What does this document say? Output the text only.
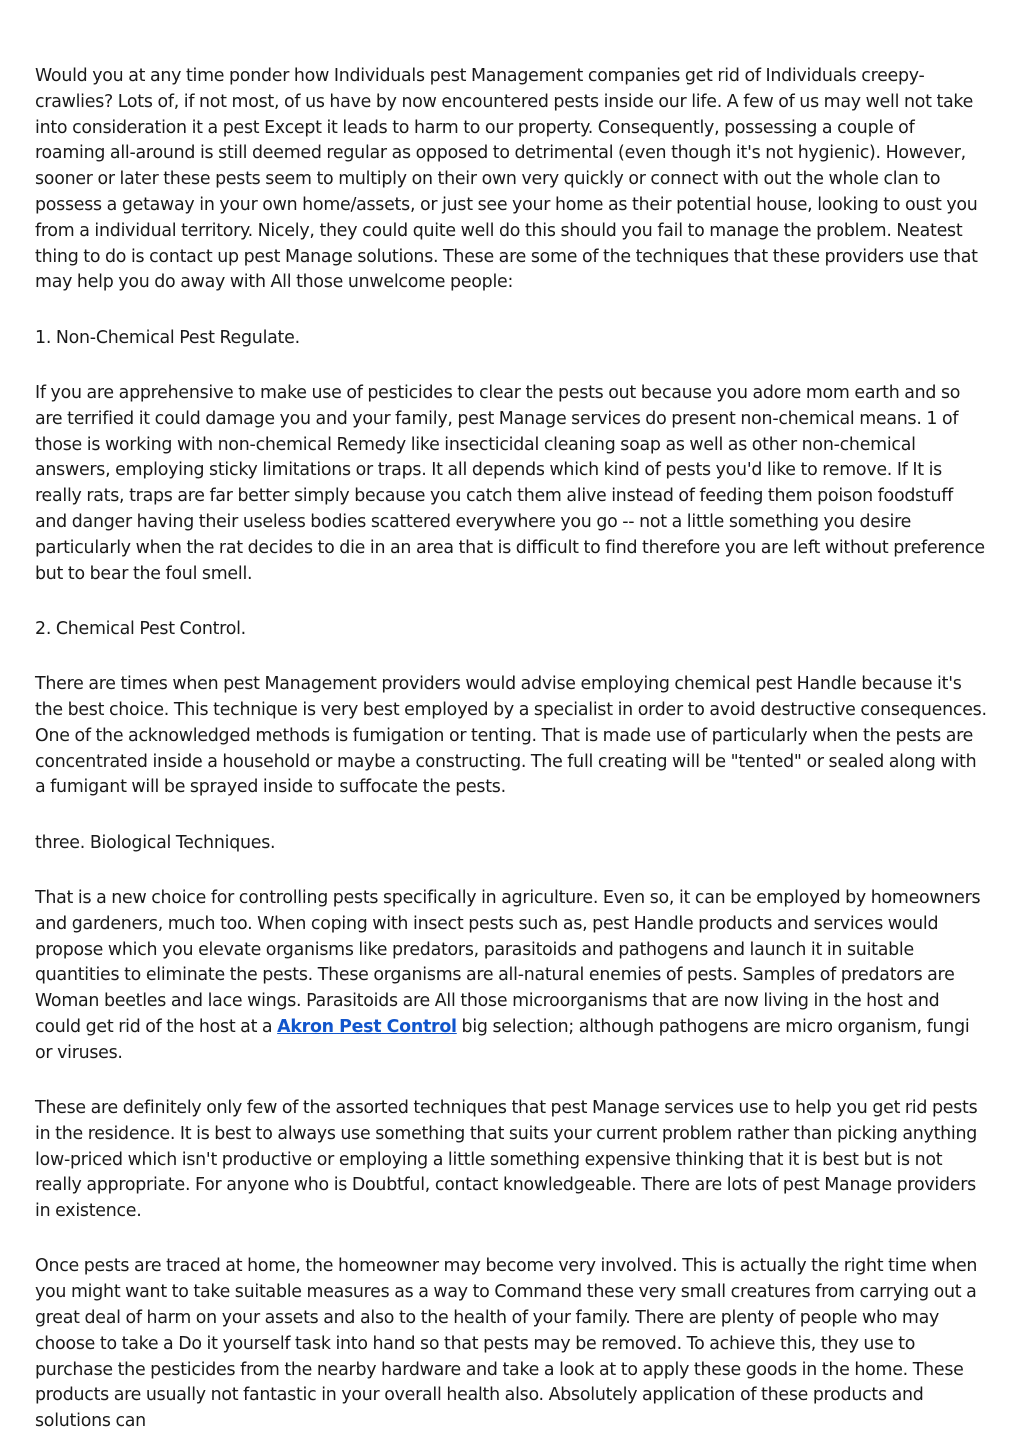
Would you at any time ponder how Individuals pest Management companies get rid of Individuals creepy-crawlies? Lots of, if not most, of us have by now encountered pests inside our life. A few of us may well not take into consideration it a pest Except it leads to harm to our property. Consequently, possessing a couple of roaming all-around is still deemed regular as opposed to detrimental (even though it's not hygienic). However, sooner or later these pests seem to multiply on their own very quickly or connect with out the whole clan to possess a getaway in your own home/assets, or just see your home as their potential house, looking to oust you from a individual territory. Nicely, they could quite well do this should you fail to manage the problem. Neatest thing to do is contact up pest Manage solutions. These are some of the techniques that these providers use that may help you do away with All those unwelcome people:

1. Non-Chemical Pest Regulate.

If you are apprehensive to make use of pesticides to clear the pests out because you adore mom earth and so are terrified it could damage you and your family, pest Manage services do present non-chemical means. 1 of those is working with non-chemical Remedy like insecticidal cleaning soap as well as other non-chemical answers, employing sticky limitations or traps. It all depends which kind of pests you'd like to remove. If It is really rats, traps are far better simply because you catch them alive instead of feeding them poison foodstuff and danger having their useless bodies scattered everywhere you go -- not a little something you desire particularly when the rat decides to die in an area that is difficult to find therefore you are left without preference but to bear the foul smell.

2. Chemical Pest Control.

There are times when pest Management providers would advise employing chemical pest Handle because it's the best choice. This technique is very best employed by a specialist in order to avoid destructive consequences. One of the acknowledged methods is fumigation or tenting. That is made use of particularly when the pests are concentrated inside a household or maybe a constructing. The full creating will be "tented" or sealed along with a fumigant will be sprayed inside to suffocate the pests.

three. Biological Techniques.

That is a new choice for controlling pests specifically in agriculture. Even so, it can be employed by homeowners and gardeners, much too. When coping with insect pests such as, pest Handle products and services would propose which you elevate organisms like predators, parasitoids and pathogens and launch it in suitable quantities to eliminate the pests. These organisms are all-natural enemies of pests. Samples of predators are Woman beetles and lace wings. Parasitoids are All those microorganisms that are now living in the host and could get rid of the host at a Akron Pest Control big selection; although pathogens are micro organism, fungi or viruses.

These are definitely only few of the assorted techniques that pest Manage services use to help you get rid pests in the residence. It is best to always use something that suits your current problem rather than picking anything low-priced which isn't productive or employing a little something expensive thinking that it is best but is not really appropriate. For anyone who is Doubtful, contact knowledgeable. There are lots of pest Manage providers in existence.

Once pests are traced at home, the homeowner may become very involved. This is actually the right time when you might want to take suitable measures as a way to Command these very small creatures from carrying out a great deal of harm on your assets and also to the health of your family. There are plenty of people who may choose to take a Do it yourself task into hand so that pests may be removed. To achieve this, they use to purchase the pesticides from the nearby hardware and take a look at to apply these goods in the home. These products are usually not fantastic in your overall health also. Absolutely application of these products and solutions can
